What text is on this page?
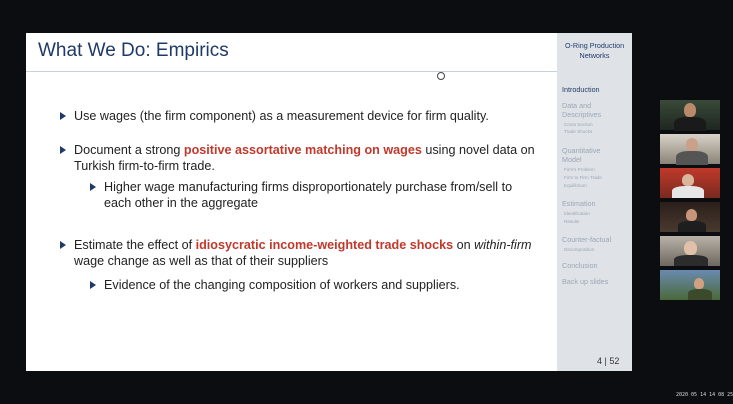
What We Do: Empirics
Use wages (the firm component) as a measurement device for firm quality.
Document a strong positive assortative matching on wages using novel data on
Turkish firm-to-firm trade.
Higher wage manufacturing firms disproportionately purchase from/sell to
each other in the aggregate
Estimate the effect of idiosycratic income-weighted trade shocks on within-firm
wage change as well as that of their suppliers
Evidence of the changing composition of workers and suppliers.
O-Ring Production
Networks
Introduction
Data and
Descriptives
Cross Section
Trade Shocks
Quantitative
Model
Firm's Problem
Firm to Firm Trade
Equilibrium
Estimation
Identification
Results
Counter-factual
Decomposition
Conclusion
Back up slides
4 | 52
2020 05 14 14 08 25
